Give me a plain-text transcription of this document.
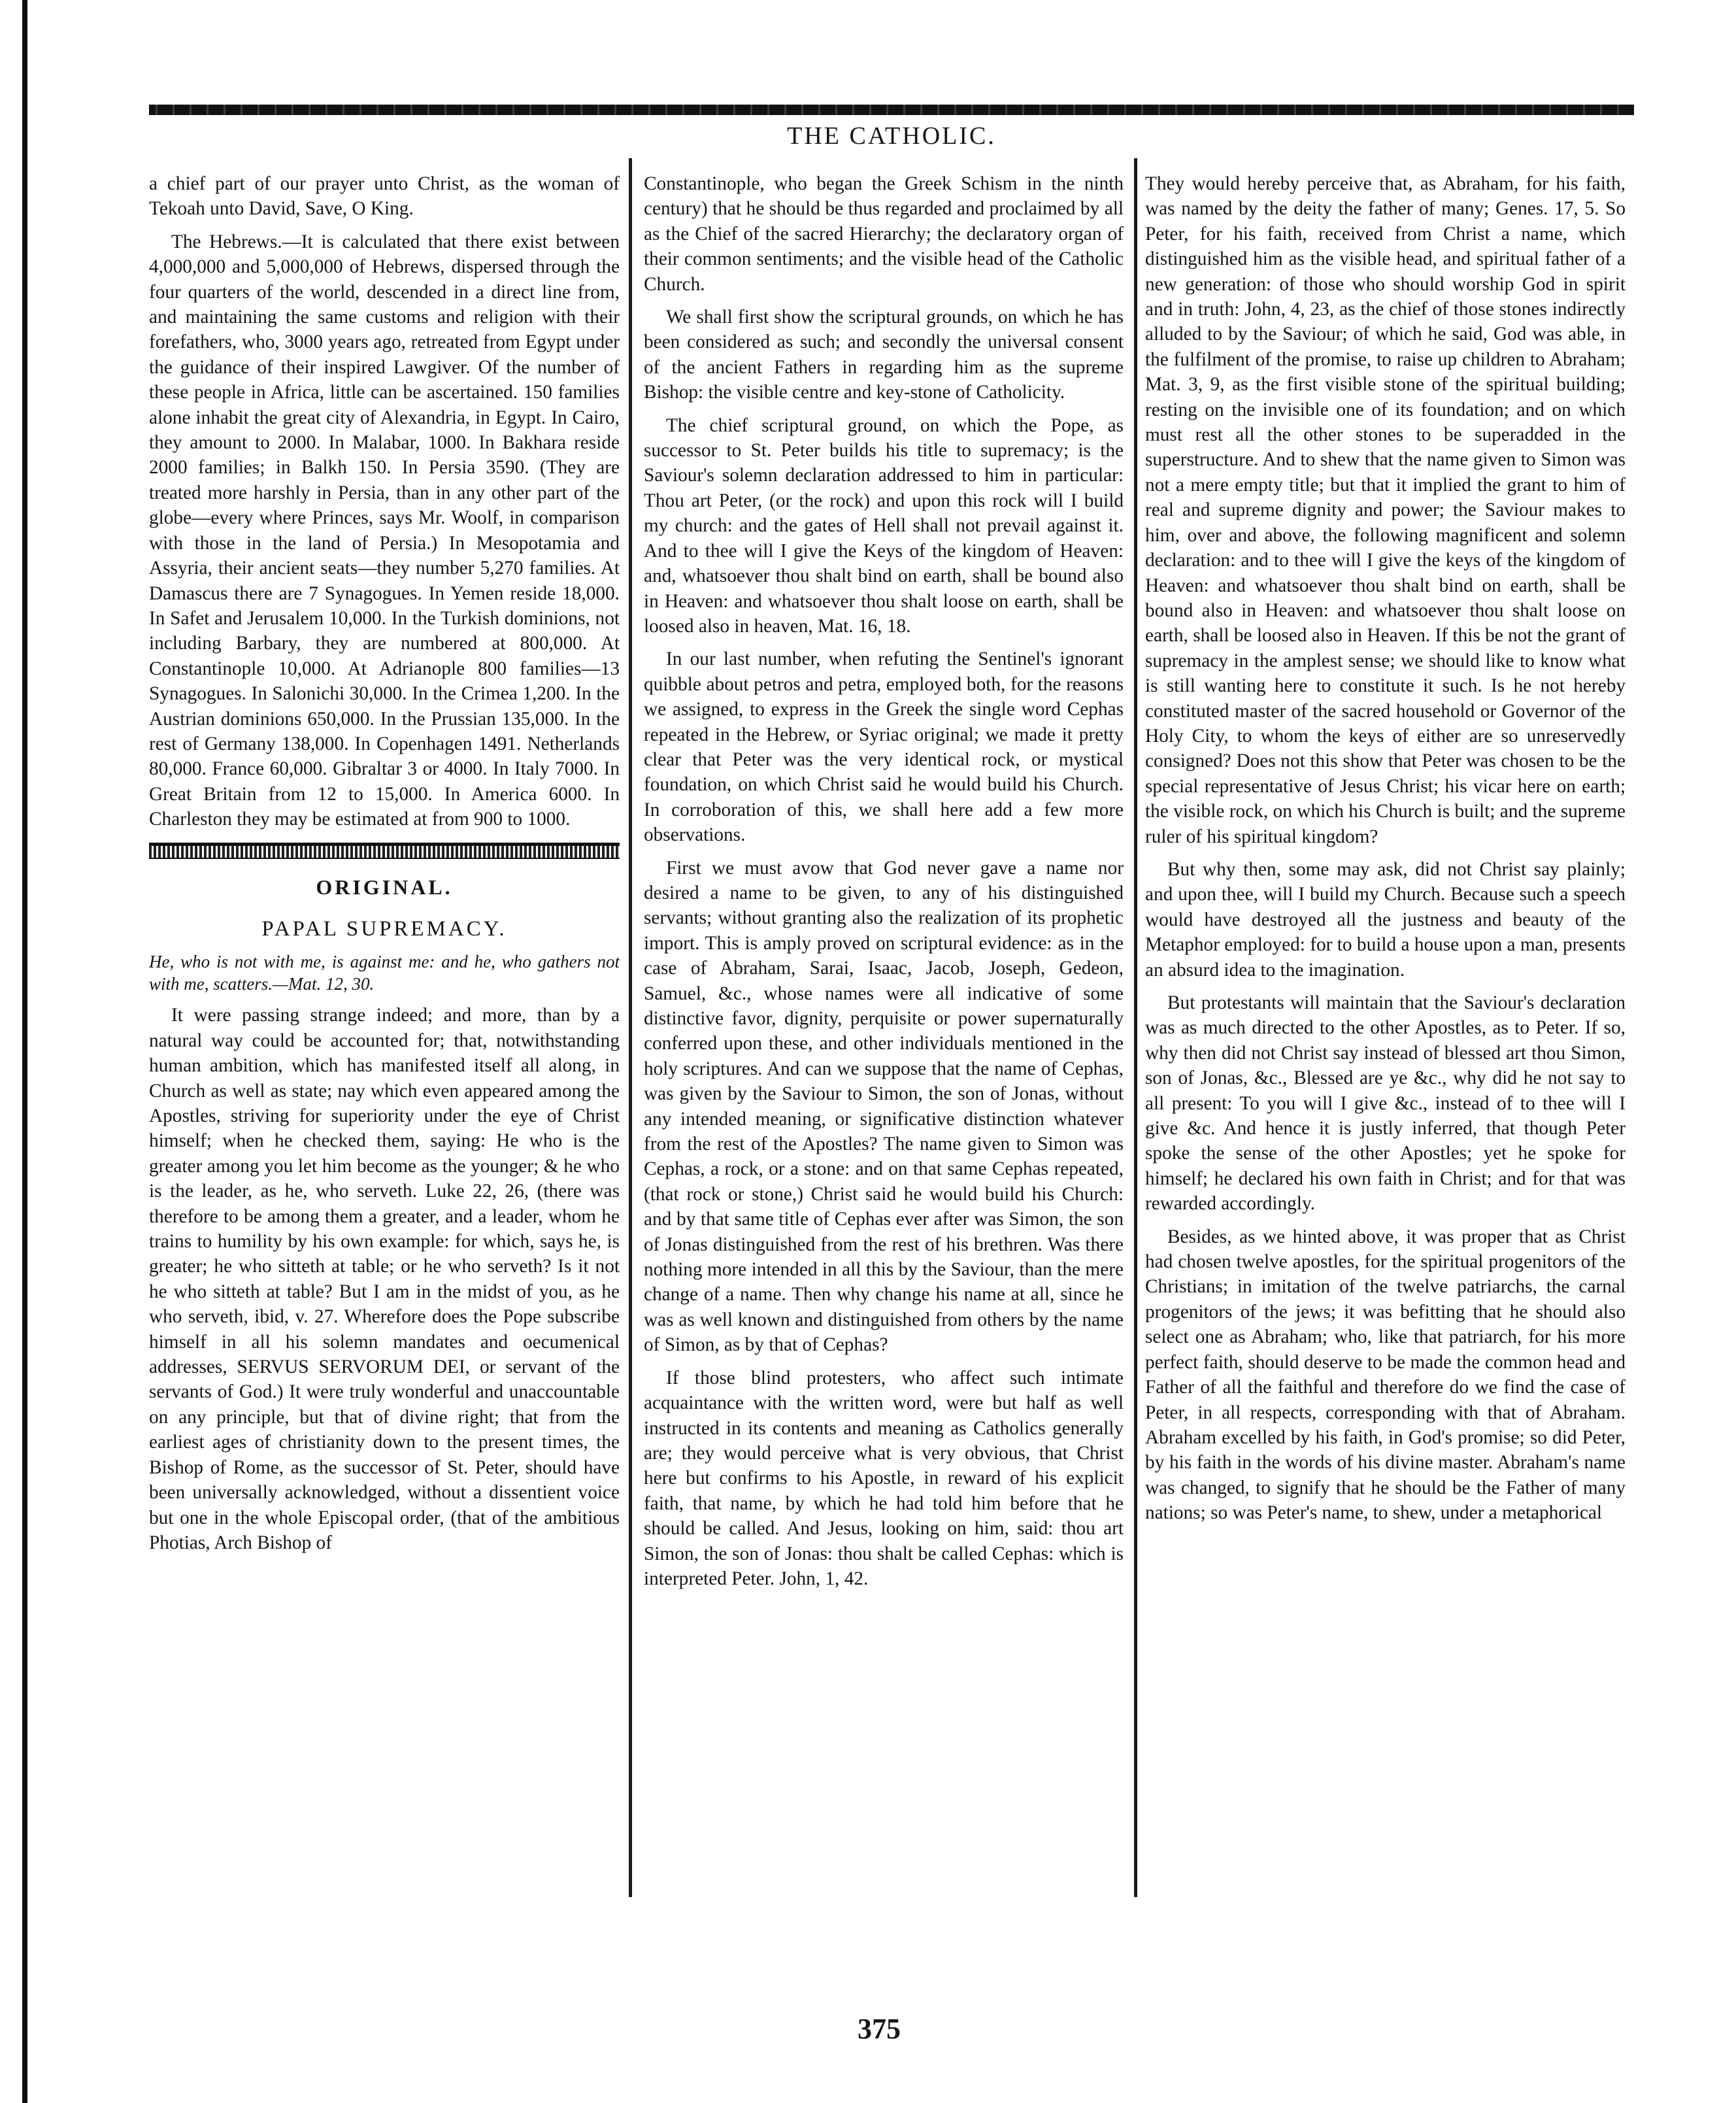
THE CATHOLIC.

a chief part of our prayer unto Christ, as the woman of Tekoah unto David, Save, O King.

The Hebrews.—It is calculated that there exist between 4,000,000 and 5,000,000 of Hebrews, dispersed through the four quarters of the world, descended in a direct line from, and maintaining the same customs and religion with their forefathers, who, 3000 years ago, retreated from Egypt under the guidance of their inspired Lawgiver. Of the number of these people in Africa, little can be ascertained. 150 families alone inhabit the great city of Alexandria, in Egypt. In Cairo, they amount to 2000. In Malabar, 1000. In Bakhara reside 2000 families; in Balkh 150. In Persia 3590. (They are treated more harshly in Persia, than in any other part of the globe—every where Princes, says Mr. Woolf, in comparison with those in the land of Persia.) In Mesopotamia and Assyria, their ancient seats—they number 5,270 families. At Damascus there are 7 Synagogues. In Yemen reside 18,000. In Safet and Jerusalem 10,000. In the Turkish dominions, not including Barbary, they are numbered at 800,000. At Constantinople 10,000. At Adrianople 800 families—13 Synagogues. In Salonichi 30,000. In the Crimea 1,200. In the Austrian dominions 650,000. In the Prussian 135,000. In the rest of Germany 138,000. In Copenhagen 1491. Netherlands 80,000. France 60,000. Gibraltar 3 or 4000. In Italy 7000. In Great Britain from 12 to 15,000. In America 6000. In Charleston they may be estimated at from 900 to 1000.

ORIGINAL.
PAPAL SUPREMACY.

He, who is not with me, is against me: and he, who gathers not with me, scatters.—Mat. 12, 30.

It were passing strange indeed; and more, than by a natural way could be accounted for; that, notwithstanding human ambition, which has manifested itself all along, in Church as well as state; nay which even appeared among the Apostles, striving for superiority under the eye of Christ himself; when he checked them, saying: He who is the greater among you let him become as the younger; & he who is the leader, as he, who serveth. Luke 22, 26, (there was therefore to be among them a greater, and a leader, whom he trains to humility by his own example: for which, says he, is greater; he who sitteth at table; or he who serveth? Is it not he who sitteth at table? But I am in the midst of you, as he who serveth, ibid, v. 27. Wherefore does the Pope subscribe himself in all his solemn mandates and oecumenical addresses, SERVUS SERVORUM DEI, or servant of the servants of God.) It were truly wonderful and unaccountable on any principle, but that of divine right; that from the earliest ages of christianity down to the present times, the Bishop of Rome, as the successor of St. Peter, should have been universally acknowledged, without a dissentient voice but one in the whole Episcopal order, (that of the ambitious Photias, Arch Bishop of

Constantinople, who began the Greek Schism in the ninth century) that he should be thus regarded and proclaimed by all as the Chief of the sacred Hierarchy; the declaratory organ of their common sentiments; and the visible head of the Catholic Church.

We shall first show the scriptural grounds, on which he has been considered as such; and secondly the universal consent of the ancient Fathers in regarding him as the supreme Bishop: the visible centre and key-stone of Catholicity.

The chief scriptural ground, on which the Pope, as successor to St. Peter builds his title to supremacy; is the Saviour's solemn declaration addressed to him in particular: Thou art Peter, (or the rock) and upon this rock will I build my church: and the gates of Hell shall not prevail against it. And to thee will I give the Keys of the kingdom of Heaven: and, whatsoever thou shalt bind on earth, shall be bound also in Heaven: and whatsoever thou shalt loose on earth, shall be loosed also in heaven, Mat. 16, 18.

In our last number, when refuting the Sentinel's ignorant quibble about petros and petra, employed both, for the reasons we assigned, to express in the Greek the single word Cephas repeated in the Hebrew, or Syriac original; we made it pretty clear that Peter was the very identical rock, or mystical foundation, on which Christ said he would build his Church. In corroboration of this, we shall here add a few more observations.

First we must avow that God never gave a name nor desired a name to be given, to any of his distinguished servants; without granting also the realization of its prophetic import. This is amply proved on scriptural evidence: as in the case of Abraham, Sarai, Isaac, Jacob, Joseph, Gedeon, Samuel, &c., whose names were all indicative of some distinctive favor, dignity, perquisite or power supernaturally conferred upon these, and other individuals mentioned in the holy scriptures. And can we suppose that the name of Cephas, was given by the Saviour to Simon, the son of Jonas, without any intended meaning, or significative distinction whatever from the rest of the Apostles? The name given to Simon was Cephas, a rock, or a stone: and on that same Cephas repeated, (that rock or stone,) Christ said he would build his Church: and by that same title of Cephas ever after was Simon, the son of Jonas distinguished from the rest of his brethren. Was there nothing more intended in all this by the Saviour, than the mere change of a name. Then why change his name at all, since he was as well known and distinguished from others by the name of Simon, as by that of Cephas?

If those blind protesters, who affect such intimate acquaintance with the written word, were but half as well instructed in its contents and meaning as Catholics generally are; they would perceive what is very obvious, that Christ here but confirms to his Apostle, in reward of his explicit faith, that name, by which he had told him before that he should be called. And Jesus, looking on him, said: thou art Simon, the son of Jonas: thou shalt be called Cephas: which is interpreted Peter. John, 1, 42.

They would hereby perceive that, as Abraham, for his faith, was named by the deity the father of many; Genes. 17, 5. So Peter, for his faith, received from Christ a name, which distinguished him as the visible head, and spiritual father of a new generation: of those who should worship God in spirit and in truth: John, 4, 23, as the chief of those stones indirectly alluded to by the Saviour; of which he said, God was able, in the fulfilment of the promise, to raise up children to Abraham; Mat. 3, 9, as the first visible stone of the spiritual building; resting on the invisible one of its foundation; and on which must rest all the other stones to be superadded in the superstructure. And to shew that the name given to Simon was not a mere empty title; but that it implied the grant to him of real and supreme dignity and power; the Saviour makes to him, over and above, the following magnificent and solemn declaration: and to thee will I give the keys of the kingdom of Heaven: and whatsoever thou shalt bind on earth, shall be bound also in Heaven: and whatsoever thou shalt loose on earth, shall be loosed also in Heaven. If this be not the grant of supremacy in the amplest sense; we should like to know what is still wanting here to constitute it such. Is he not hereby constituted master of the sacred household or Governor of the Holy City, to whom the keys of either are so unreservedly consigned? Does not this show that Peter was chosen to be the special representative of Jesus Christ; his vicar here on earth; the visible rock, on which his Church is built; and the supreme ruler of his spiritual kingdom?

But why then, some may ask, did not Christ say plainly; and upon thee, will I build my Church. Because such a speech would have destroyed all the justness and beauty of the Metaphor employed: for to build a house upon a man, presents an absurd idea to the imagination.

But protestants will maintain that the Saviour's declaration was as much directed to the other Apostles, as to Peter. If so, why then did not Christ say instead of blessed art thou Simon, son of Jonas, &c., Blessed are ye &c., why did he not say to all present: To you will I give &c., instead of to thee will I give &c. And hence it is justly inferred, that though Peter spoke the sense of the other Apostles; yet he spoke for himself; he declared his own faith in Christ; and for that was rewarded accordingly.

Besides, as we hinted above, it was proper that as Christ had chosen twelve apostles, for the spiritual progenitors of the Christians; in imitation of the twelve patriarchs, the carnal progenitors of the jews; it was befitting that he should also select one as Abraham; who, like that patriarch, for his more perfect faith, should deserve to be made the common head and Father of all the faithful and therefore do we find the case of Peter, in all respects, corresponding with that of Abraham. Abraham excelled by his faith, in God's promise; so did Peter, by his faith in the words of his divine master. Abraham's name was changed, to signify that he should be the Father of many nations; so was Peter's name, to shew, under a metaphorical

375
